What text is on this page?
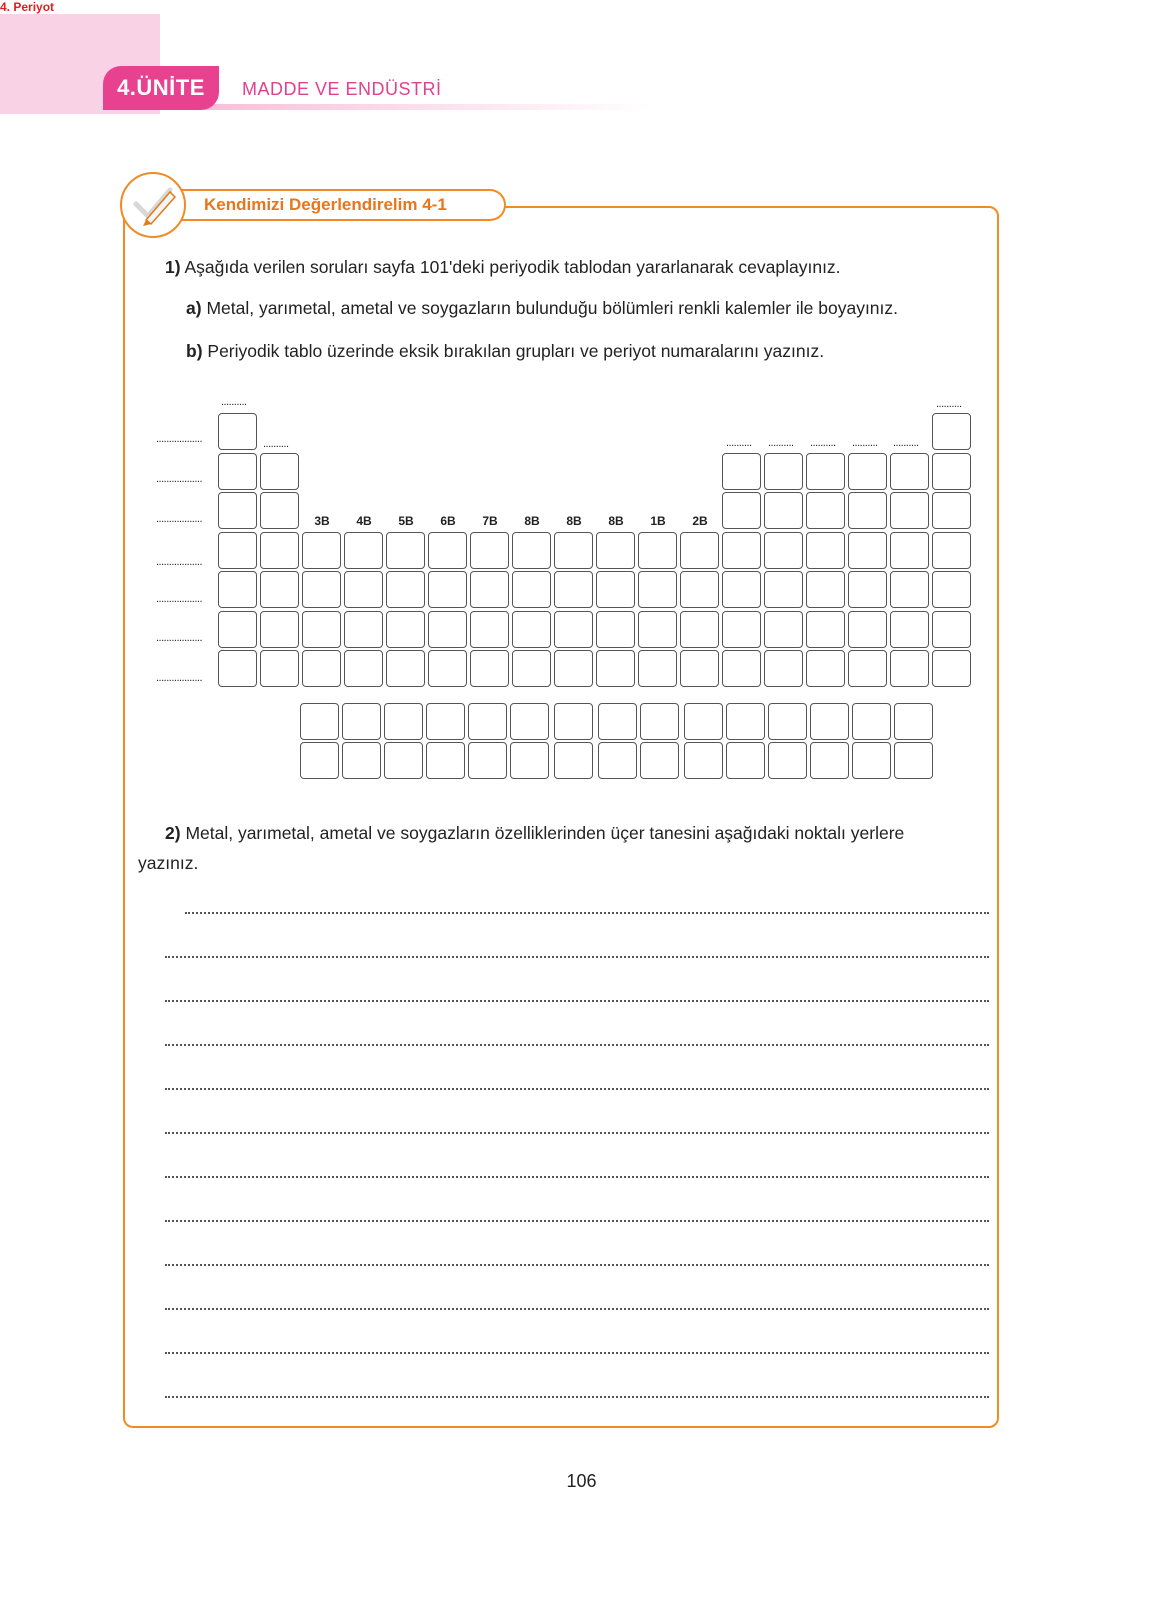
4.ÜNİTE	MADDE VE ENDÜSTRİ
Kendimizi Değerlendirelim 4-1
1) Aşağıda verilen soruları sayfa 101'deki periyodik tablodan yararlanarak cevaplayınız.
a) Metal, yarımetal, ametal ve soygazların bulunduğu bölümleri renkli kalemler ile boyayınız.
b) Periyodik tablo üzerinde eksik bırakılan grupları ve periyot numaralarını yazınız.
..................
..................
..................
4. Periyot
..................
..................
..................
..................
..........
..........
..........
.......... .......... .......... .......... ..........
3B	4B	5B	6B	7B	8B	8B	8B	1B	2B
2) Metal, yarımetal, ametal ve soygazların özelliklerinden üçer tanesini aşağıdaki noktalı yerlere
yazınız.
106
